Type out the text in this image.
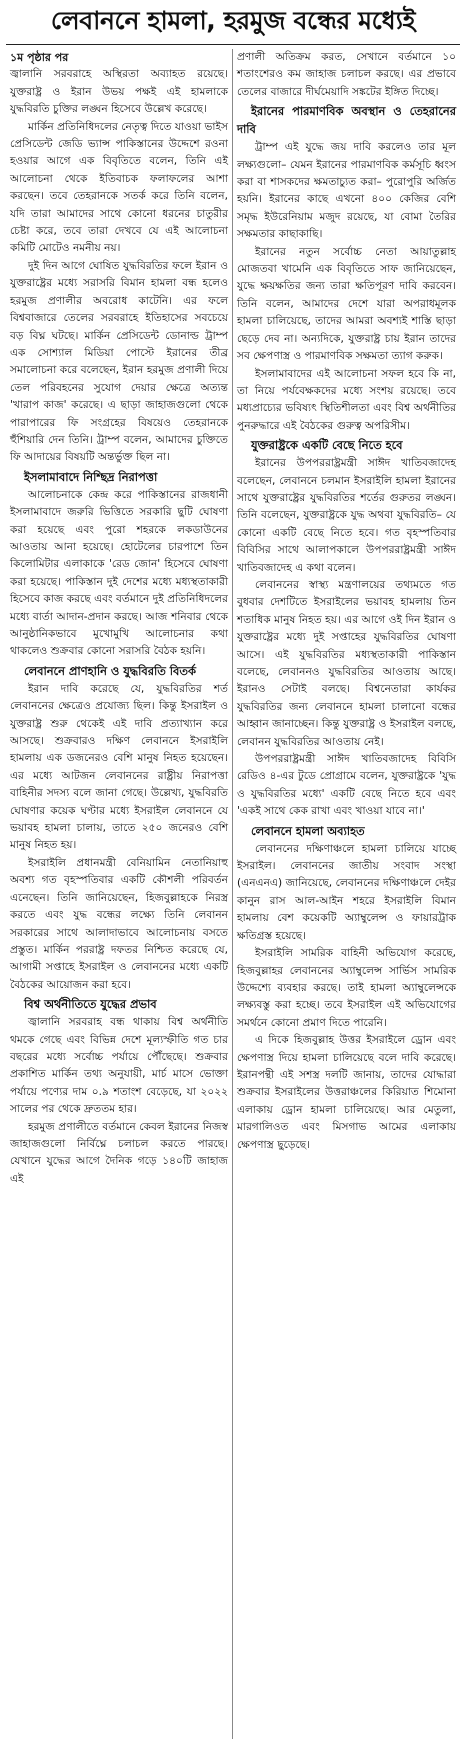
লেবাননে হামলা, হরমুজ বন্ধের মধ্যেই
১ম পৃষ্ঠার পর

জ্বালানি সরবরাহে অস্থিরতা অব্যাহত রয়েছে। যুক্তরাষ্ট্র ও ইরান উভয় পক্ষই এই হামলাকে যুদ্ধবিরতি চুক্তির লঙ্ঘন হিসেবে উল্লেখ করেছে।

মার্কিন প্রতিনিধিদলের নেতৃত্ব দিতে যাওয়া ভাইস প্রেসিডেন্ট জেডি ভ্যান্স পাকিস্তানের উদ্দেশে রওনা হওয়ার আগে এক বিবৃতিতে বলেন, তিনি এই আলোচনা থেকে ইতিবাচক ফলাফলের আশা করছেন। তবে তেহরানকে সতর্ক করে তিনি বলেন, যদি তারা আমাদের সাথে কোনো ধরনের চাতুরীর চেষ্টা করে, তবে তারা দেখবে যে এই আলোচনা কমিটি মোটেও নমনীয় নয়।

দুই দিন আগে ঘোষিত যুদ্ধবিরতির ফলে ইরান ও যুক্তরাষ্ট্রের মধ্যে সরাসরি বিমান হামলা বন্ধ হলেও হরমুজ প্রণালীর অবরোধ কাটেনি। এর ফলে বিশ্ববাজারে তেলের সরবরাহে ইতিহাসের সবচেয়ে বড় বিঘ্ন ঘটছে। মার্কিন প্রেসিডেন্ট ডোনাল্ড ট্রাম্প এক সোশ্যাল মিডিয়া পোস্টে ইরানের তীব্র সমালোচনা করে বলেছেন, ইরান হরমুজ প্রণালী দিয়ে তেল পরিবহনের সুযোগ দেয়ার ক্ষেত্রে অত্যন্ত 'খারাপ কাজ' করেছে। এ ছাড়া জাহাজগুলো থেকে পারাপারের ফি সংগ্রহের বিষয়েও তেহরানকে হুঁশিয়ারি দেন তিনি। ট্রাম্প বলেন, আমাদের চুক্তিতে ফি আদায়ের বিষয়টি অন্তর্ভুক্ত ছিল না।

ইসলামাবাদে নিশ্ছিদ্র নিরাপত্তা

আলোচনাকে কেন্দ্র করে পাকিস্তানের রাজধানী ইসলামাবাদে জরুরি ভিত্তিতে সরকারি ছুটি ঘোষণা করা হয়েছে এবং পুরো শহরকে লকডাউনের আওতায় আনা হয়েছে। হোটেলের চারপাশে তিন কিলোমিটার এলাকাকে 'রেড জোন' হিসেবে ঘোষণা করা হয়েছে। পাকিস্তান দুই দেশের মধ্যে মধ্যস্থতাকারী হিসেবে কাজ করছে এবং বর্তমানে দুই প্রতিনিধিদলের মধ্যে বার্তা আদান-প্রদান করছে। আজ শনিবার থেকে আনুষ্ঠানিকভাবে মুখোমুখি আলোচনার কথা থাকলেও শুক্রবার কোনো সরাসরি বৈঠক হয়নি।

লেবাননে প্রাণহানি ও যুদ্ধবিরতি বিতর্ক

ইরান দাবি করেছে যে, যুদ্ধবিরতির শর্ত লেবাননের ক্ষেত্রেও প্রযোজ্য ছিল। কিন্তু ইসরাইল ও যুক্তরাষ্ট্র শুরু থেকেই এই দাবি প্রত্যাখ্যান করে আসছে। শুক্রবারও দক্ষিণ লেবাননে ইসরাইলি হামলায় এক ডজনেরও বেশি মানুষ নিহত হয়েছেন। এর মধ্যে আটজন লেবাননের রাষ্ট্রীয় নিরাপত্তা বাহিনীর সদস্য বলে জানা গেছে। উল্লেখ্য, যুদ্ধবিরতি ঘোষণার কয়েক ঘণ্টার মধ্যে ইসরাইল লেবাননে যে ভয়াবহ হামলা চালায়, তাতে ২৫০ জনেরও বেশি মানুষ নিহত হয়।

ইসরাইলি প্রধানমন্ত্রী বেনিয়ামিন নেতানিয়াহু অবশ্য গত বৃহস্পতিবার একটি কৌশলী পরিবর্তন এনেছেন। তিনি জানিয়েছেন, হিজবুল্লাহকে নিরস্ত্র করতে এবং যুদ্ধ বন্ধের লক্ষ্যে তিনি লেবানন সরকারের সাথে আলাদাভাবে আলোচনায় বসতে প্রস্তুত। মার্কিন পররাষ্ট্র দফতর নিশ্চিত করেছে যে, আগামী সপ্তাহে ইসরাইল ও লেবাননের মধ্যে একটি বৈঠকের আয়োজন করা হবে।

বিশ্ব অর্থনীতিতে যুদ্ধের প্রভাব

জ্বালানি সরবরাহ বন্ধ থাকায় বিশ্ব অর্থনীতি থমকে গেছে এবং বিভিন্ন দেশে মূল্যস্ফীতি গত চার বছরের মধ্যে সর্বোচ্চ পর্যায়ে পৌঁছেছে। শুক্রবার প্রকাশিত মার্কিন তথ্য অনুযায়ী, মার্চ মাসে ভোক্তা পর্যায়ে পণ্যের দাম ০.৯ শতাংশ বেড়েছে, যা ২০২২ সালের পর থেকে দ্রুততম হার।

হরমুজ প্রণালীতে বর্তমানে কেবল ইরানের নিজস্ব জাহাজগুলো নির্বিঘ্নে চলাচল করতে পারছে। যেখানে যুদ্ধের আগে দৈনিক গড়ে ১৪০টি জাহাজ এই

প্রণালী অতিক্রম করত, সেখানে বর্তমানে ১০ শতাংশেরও কম জাহাজ চলাচল করছে। এর প্রভাবে তেলের বাজারে দীর্ঘমেয়াদি সঙ্কটের ইঙ্গিত দিচ্ছে।

ইরানের পারমাণবিক অবস্থান ও তেহরানের দাবি

ট্রাম্প এই যুদ্ধে জয় দাবি করলেও তার মূল লক্ষ্যগুলো– যেমন ইরানের পারমাণবিক কর্মসূচি ধ্বংস করা বা শাসকদের ক্ষমতাচ্যুত করা– পুরোপুরি অর্জিত হয়নি। ইরানের কাছে এখনো ৪০০ কেজির বেশি সমৃদ্ধ ইউরেনিয়াম মজুদ রয়েছে, যা বোমা তৈরির সক্ষমতার কাছাকাছি।

ইরানের নতুন সর্বোচ্চ নেতা আয়াতুল্লাহ মোজতবা খামেনি এক বিবৃতিতে সাফ জানিয়েছেন, যুদ্ধে ক্ষয়ক্ষতির জন্য তারা ক্ষতিপূরণ দাবি করবেন। তিনি বলেন, আমাদের দেশে যারা অপরাধমূলক হামলা চালিয়েছে, তাদের আমরা অবশ্যই শাস্তি ছাড়া ছেড়ে দেব না। অন্যদিকে, যুক্তরাষ্ট্র চায় ইরান তাদের সব ক্ষেপণাস্ত্র ও পারমাণবিক সক্ষমতা ত্যাগ করুক।

ইসলামাবাদের এই আলোচনা সফল হবে কি না, তা নিয়ে পর্যবেক্ষকদের মধ্যে সংশয় রয়েছে। তবে মধ্যপ্রাচ্যের ভবিষ্যৎ স্থিতিশীলতা এবং বিশ্ব অর্থনীতির পুনরুদ্ধারে এই বৈঠকের গুরুত্ব অপরিসীম।

যুক্তরাষ্ট্রকে একটি বেছে নিতে হবে

ইরানের উপপররাষ্ট্রমন্ত্রী সাঈদ খাতিবজাদেহ বলেছেন, লেবাননে চলমান ইসরাইলি হামলা ইরানের সাথে যুক্তরাষ্ট্রের যুদ্ধবিরতির শর্তের গুরুতর লঙ্ঘন। তিনি বলেছেন, যুক্তরাষ্ট্রকে যুদ্ধ অথবা যুদ্ধবিরতি– যে কোনো একটি বেছে নিতে হবে। গত বৃহস্পতিবার বিবিসির সাথে আলাপকালে উপপররাষ্ট্রমন্ত্রী সাঈদ খাতিবজাদেহ এ কথা বলেন।

লেবাননের স্বাস্থ্য মন্ত্রণালয়ের তথ্যমতে গত বুধবার দেশটিতে ইসরাইলের ভয়াবহ হামলায় তিন শতাধিক মানুষ নিহত হয়। এর আগে ওই দিন ইরান ও যুক্তরাষ্ট্রের মধ্যে দুই সপ্তাহের যুদ্ধবিরতির ঘোষণা আসে। এই যুদ্ধবিরতির মধ্যস্থতাকারী পাকিস্তান বলেছে, লেবাননও যুদ্ধবিরতির আওতায় আছে। ইরানও সেটাই বলছে। বিশ্বনেতারা কার্যকর যুদ্ধবিরতির জন্য লেবাননে হামলা চালানো বন্ধের আহ্বান জানাচ্ছেন। কিন্তু যুক্তরাষ্ট্র ও ইসরাইল বলছে, লেবানন যুদ্ধবিরতির আওতায় নেই।

উপপররাষ্ট্রমন্ত্রী সাঈদ খাতিবজাদেহ বিবিসি রেডিও ৪-এর টুডে প্রোগ্রামে বলেন, যুক্তরাষ্ট্রকে 'যুদ্ধ ও যুদ্ধবিরতির মধ্যে' একটি বেছে নিতে হবে এবং 'একই সাথে কেক রাখা এবং খাওয়া যাবে না।'

লেবাননে হামলা অব্যাহত

লেবাননের দক্ষিণাঞ্চলে হামলা চালিয়ে যাচ্ছে ইসরাইল। লেবাননের জাতীয় সংবাদ সংস্থা (এনএনএ) জানিয়েছে, লেবাননের দক্ষিণাঞ্চলে দেইর কানুন রাস আল-আইন শহরে ইসরাইলি বিমান হামলায় বেশ কয়েকটি অ্যাম্বুলেন্স ও ফায়ারট্রাক ক্ষতিগ্রস্ত হয়েছে।

ইসরাইলি সামরিক বাহিনী অভিযোগ করেছে, হিজবুল্লাহর লেবাননের অ্যাম্বুলেন্স সার্ভিস সামরিক উদ্দেশ্যে ব্যবহার করছে। তাই হামলা অ্যাম্বুলেন্সকে লক্ষ্যবস্তু করা হচ্ছে। তবে ইসরাইল এই অভিযোগের সমর্থনে কোনো প্রমাণ দিতে পারেনি।

এ দিকে হিজবুল্লাহ উত্তর ইসরাইলে ড্রোন এবং ক্ষেপণাস্ত্র দিয়ে হামলা চালিয়েছে বলে দাবি করেছে। ইরানপন্থী এই সশস্ত্র দলটি জানায়, তাদের যোদ্ধারা শুক্রবার ইসরাইলের উত্তরাঞ্চলের কিরিয়াত শিমোনা এলাকায় ড্রোন হামলা চালিয়েছে। আর মেতুলা, মারগালিওত এবং মিসগাভ আমের এলাকায় ক্ষেপণাস্ত্র ছুড়েছে।
